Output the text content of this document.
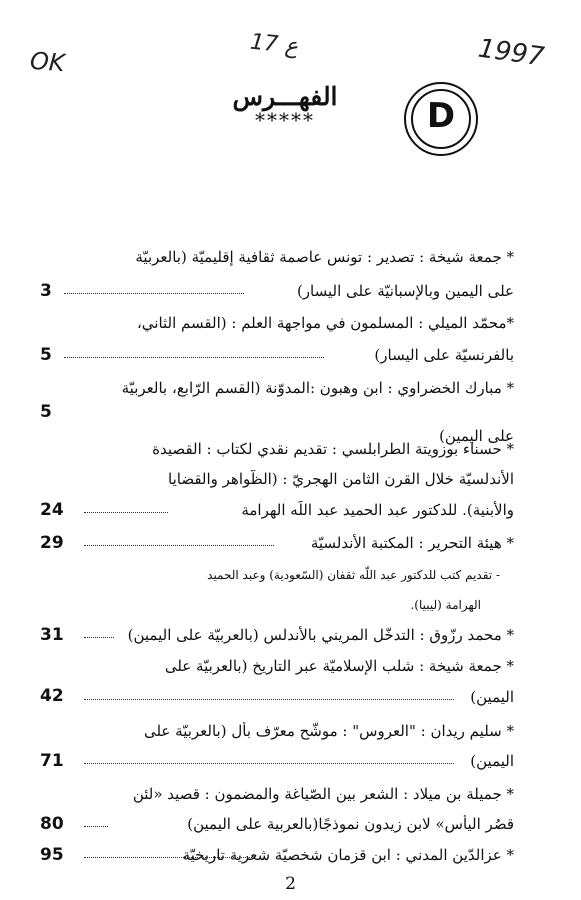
OK
17 ع	1997
D
الفهـــرس
*****
* جمعة شيخة : تصدير : تونس عاصمة ثقافية إقليميّة (بالعربيّة
على اليمين وبالإسبانيّة على اليسار)
3
*محمّد الميلي : المسلمون في مواجهة العلم : (القسم الثاني،
بالفرنسيّة على اليسار)
5
* مبارك الخضراوي : ابن وهبون :المدوّنة (القسم الرّابع، بالعربيّة
على اليمين)
5
* حسناء بوزويتة الطرابلسي : تقديم نقدي لكتاب : القصيدة
الأندلسيّة خلال القرن الثامن الهجريّ : (الظّواهر والقضايا
والأبنية). للدكتور عبد الحميد عبد اللّه الهرامة
24
* هيئة التحرير : المكتبة الأندلسيّة
29
- تقديم كتب للدكتور عبد اللّه ثقفان (السّعودية) وعبد الحميد
الهرامة (ليبيا).
* محمد رزّوق : التدخّل المريني بالأندلس (بالعربيّة على اليمين)
31
* جمعة شيخة : شلب الإسلاميّة عبر التاريخ (بالعربيّة على
اليمين)
42
* سليم ريدان : "العروس" : موشّح معرّف بأل (بالعربيّة على
اليمين)
71
* جميلة بن ميلاد : الشعر بين الصّياغة والمضمون : قصيد «لئن
قصُر اليأس» لابن زيدون نموذجًا(بالعربية على اليمين)
80
* عزالدّين المدني : ابن قزمان شخصيّة شعرية تاريخيّة
95
2
